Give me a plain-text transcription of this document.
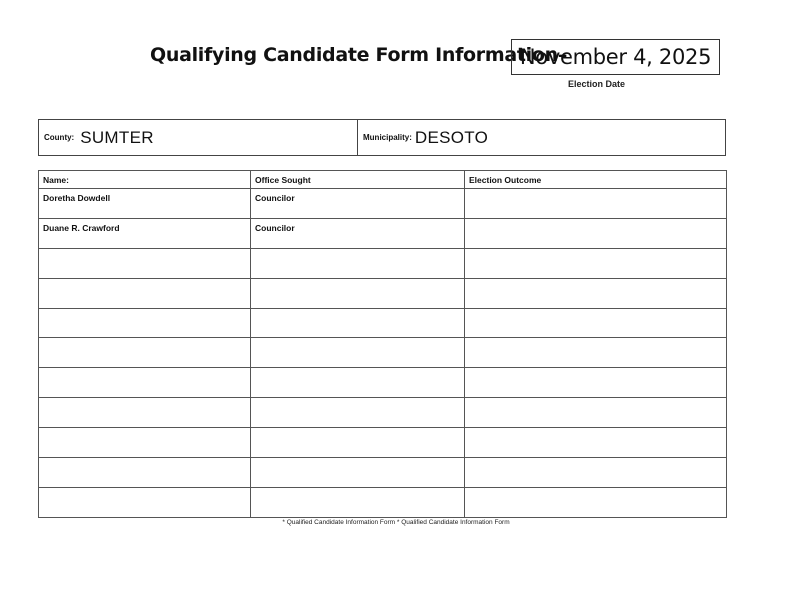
Qualifying Candidate Form Information–
November 4, 2025
Election Date
County: SUMTER	Municipality: DESOTO
Name:	Office Sought	Election Outcome
Doretha Dowdell	Councilor	
Duane R. Crawford	Councilor	

* Qualified Candidate Information Form * Qualified Candidate Information Form
